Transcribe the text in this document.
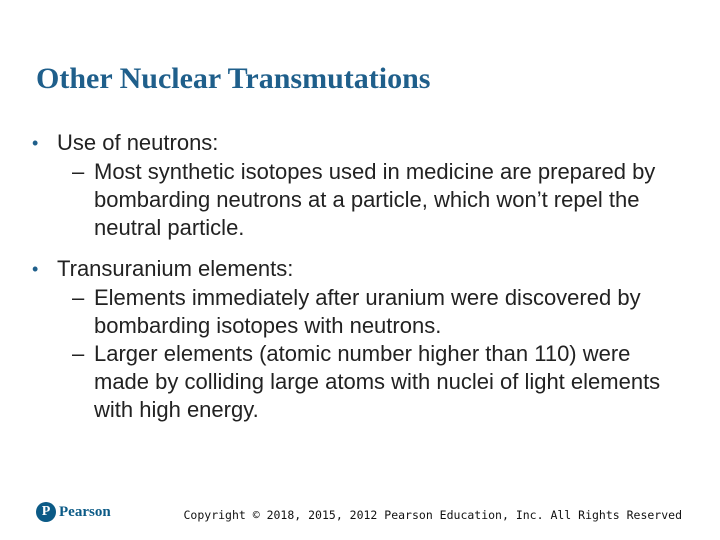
Other Nuclear Transmutations
• Use of neutrons:
– Most synthetic isotopes used in medicine are prepared by bombarding neutrons at a particle, which won’t repel the neutral particle.
• Transuranium elements:
– Elements immediately after uranium were discovered by bombarding isotopes with neutrons.
– Larger elements (atomic number higher than 110) were made by colliding large atoms with nuclei of light elements with high energy.
P Pearson	Copyright © 2018, 2015, 2012 Pearson Education, Inc. All Rights Reserved
